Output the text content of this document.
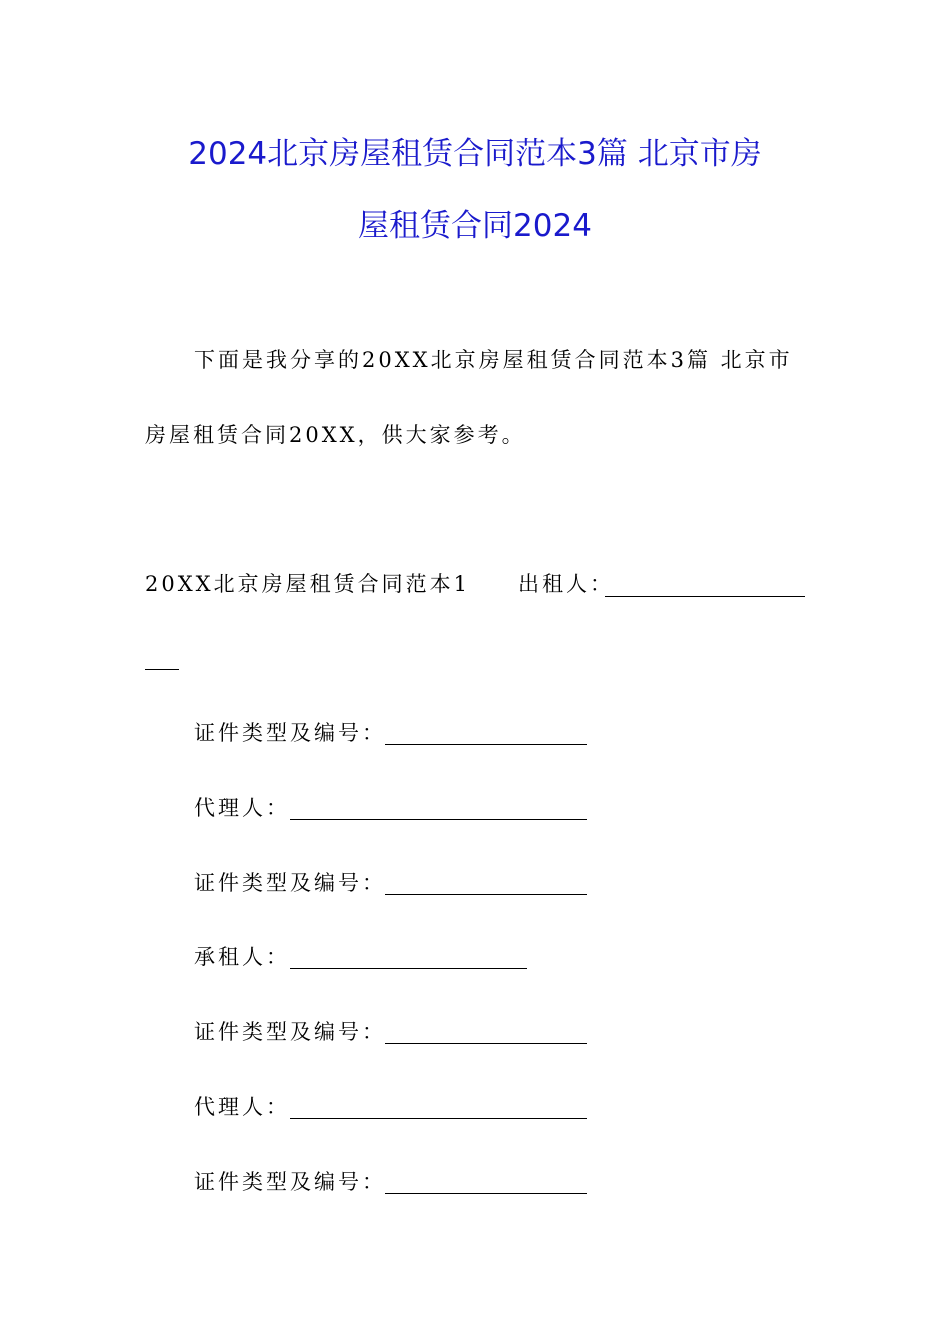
2024北京房屋租赁合同范本3篇 北京市房
屋租赁合同2024
下面是我分享的20XX北京房屋租赁合同范本3篇 北京市
房屋租赁合同20XX，供大家参考。
20XX北京房屋租赁合同范本1 出租人：
证件类型及编号：
代理人：
证件类型及编号：
承租人：
证件类型及编号：
代理人：
证件类型及编号：
